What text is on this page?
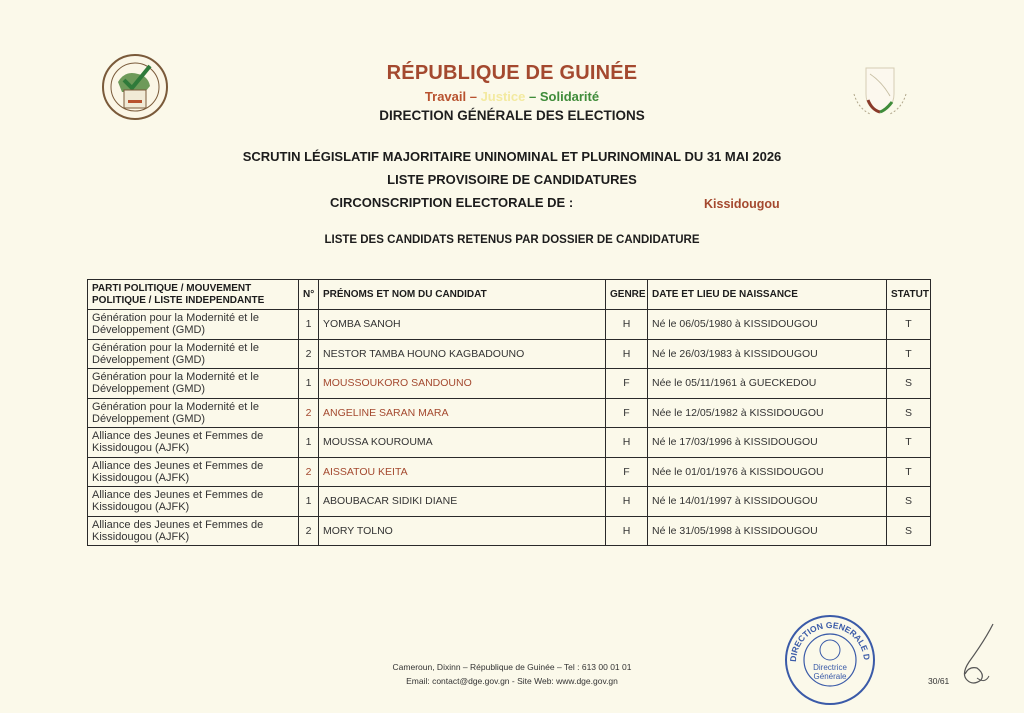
RÉPUBLIQUE DE GUINÉE
Travail – Justice – Solidarité
DIRECTION GÉNÉRALE DES ELECTIONS
SCRUTIN LÉGISLATIF MAJORITAIRE UNINOMINAL ET PLURINOMINAL DU 31 MAI 2026
LISTE PROVISOIRE DE CANDIDATURES
CIRCONSCRIPTION ELECTORALE DE :	Kissidougou
LISTE DES CANDIDATS RETENUS PAR DOSSIER DE CANDIDATURE
PARTI POLITIQUE / MOUVEMENT POLITIQUE / LISTE INDEPENDANTE	N°	PRÉNOMS ET NOM DU CANDIDAT	GENRE	DATE ET LIEU DE NAISSANCE	STATUT
Génération pour la Modernité et le Développement (GMD)	1	YOMBA SANOH	H	Né le 06/05/1980 à KISSIDOUGOU	T
Génération pour la Modernité et le Développement (GMD)	2	NESTOR TAMBA HOUNO KAGBADOUNO	H	Né le 26/03/1983 à KISSIDOUGOU	T
Génération pour la Modernité et le Développement (GMD)	1	MOUSSOUKORO SANDOUNO	F	Née le 05/11/1961 à GUECKEDOU	S
Génération pour la Modernité et le Développement (GMD)	2	ANGELINE SARAN MARA	F	Née le 12/05/1982 à KISSIDOUGOU	S
Alliance des Jeunes et Femmes de Kissidougou (AJFK)	1	MOUSSA KOUROUMA	H	Né le 17/03/1996 à KISSIDOUGOU	T
Alliance des Jeunes et Femmes de Kissidougou (AJFK)	2	AISSATOU KEITA	F	Née le 01/01/1976 à KISSIDOUGOU	T
Alliance des Jeunes et Femmes de Kissidougou (AJFK)	1	ABOUBACAR SIDIKI DIANE	H	Né le 14/01/1997 à KISSIDOUGOU	S
Alliance des Jeunes et Femmes de Kissidougou (AJFK)	2	MORY TOLNO	H	Né le 31/05/1998 à KISSIDOUGOU	S
DIRECTION GENERALE D
Directrice
Générale
Cameroun, Dixinn – République de Guinée – Tel : 613 00 01 01
Email: contact@dge.gov.gn - Site Web: www.dge.gov.gn	30/61
